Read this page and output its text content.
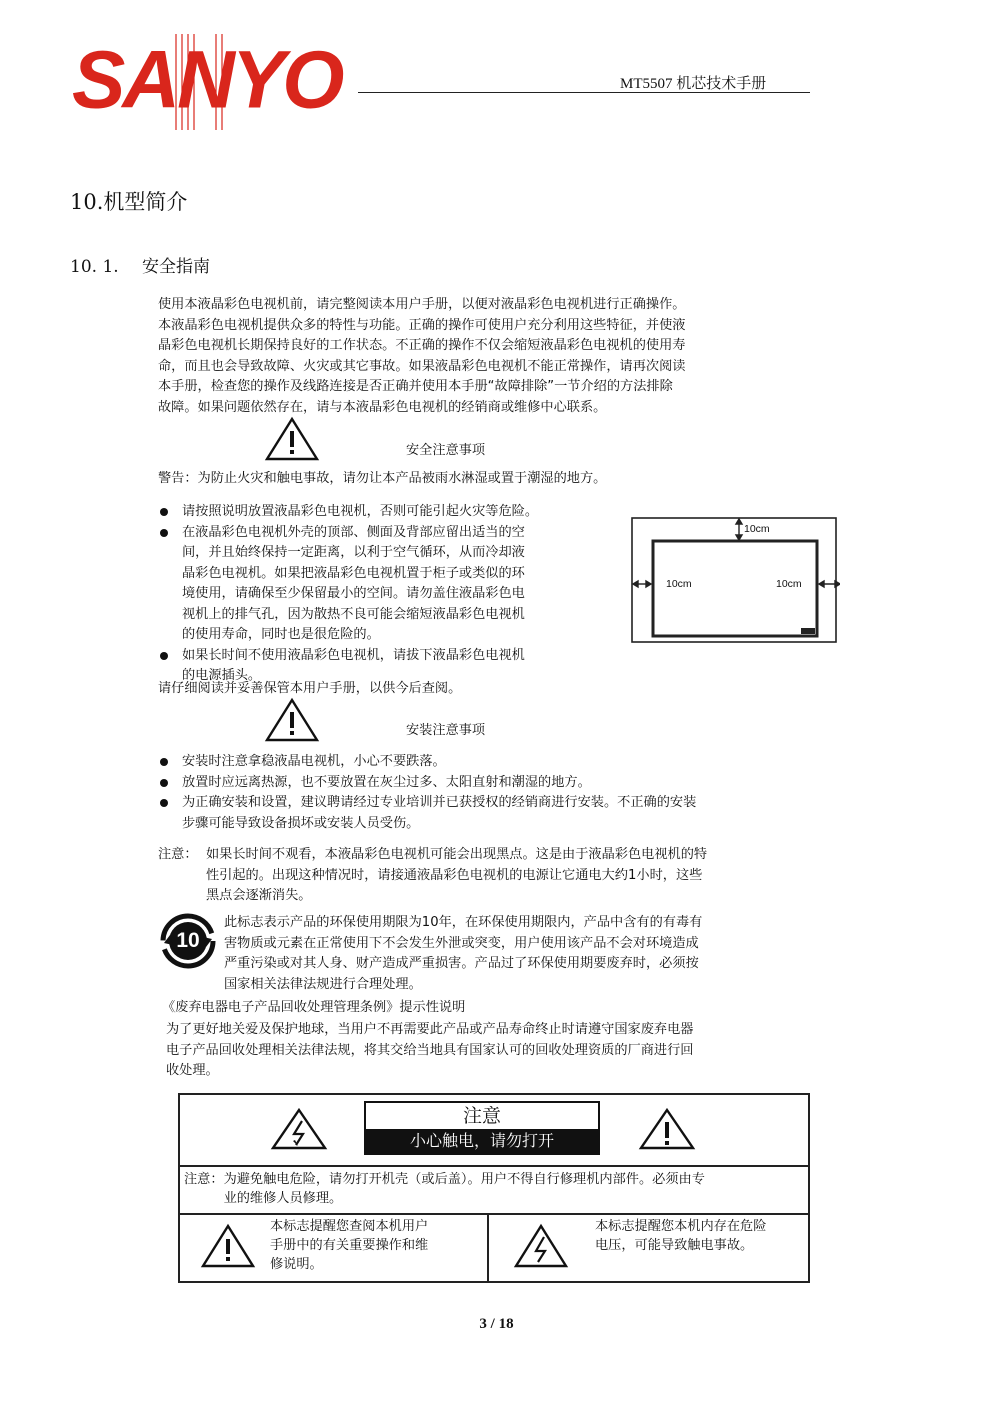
SANYO	MT5507 机芯技术手册
10.机型简介
10. 1. 安全指南
使用本液晶彩色电视机前，请完整阅读本用户手册，以便对液晶彩色电视机进行正确操作。
本液晶彩色电视机提供众多的特性与功能。正确的操作可使用户充分利用这些特征，并使液
晶彩色电视机长期保持良好的工作状态。不正确的操作不仅会缩短液晶彩色电视机的使用寿
命，而且也会导致故障、火灾或其它事故。如果液晶彩色电视机不能正常操作，请再次阅读
本手册，检查您的操作及线路连接是否正确并使用本手册“故障排除”一节介绍的方法排除
故障。如果问题依然存在，请与本液晶彩色电视机的经销商或维修中心联系。
安全注意事项
警告：为防止火灾和触电事故，请勿让本产品被雨水淋湿或置于潮湿的地方。
请按照说明放置液晶彩色电视机，否则可能引起火灾等危险。
在液晶彩色电视机外壳的顶部、侧面及背部应留出适当的空
间，并且始终保持一定距离，以利于空气循环，从而冷却液
晶彩色电视机。如果把液晶彩色电视机置于柜子或类似的环
境使用，请确保至少保留最小的空间。请勿盖住液晶彩色电
视机上的排气孔，因为散热不良可能会缩短液晶彩色电视机
的使用寿命，同时也是很危险的。
如果长时间不使用液晶彩色电视机，请拔下液晶彩色电视机
的电源插头。
请仔细阅读并妥善保管本用户手册，以供今后查阅。
10cm
10cm	10cm
安装注意事项
安装时注意拿稳液晶电视机，小心不要跌落。
放置时应远离热源，也不要放置在灰尘过多、太阳直射和潮湿的地方。
为正确安装和设置，建议聘请经过专业培训并已获授权的经销商进行安装。不正确的安装
步骤可能导致设备损坏或安装人员受伤。
注意： 如果长时间不观看，本液晶彩色电视机可能会出现黑点。这是由于液晶彩色电视机的特
性引起的。出现这种情况时，请接通液晶彩色电视机的电源让它通电大约1小时，这些
黑点会逐渐消失。
10
此标志表示产品的环保使用期限为10年，在环保使用期限内，产品中含有的有毒有
害物质或元素在正常使用下不会发生外泄或突变，用户使用该产品不会对环境造成
严重污染或对其人身、财产造成严重损害。产品过了环保使用期要废弃时，必须按
国家相关法律法规进行合理处理。
《废弃电器电子产品回收处理管理条例》提示性说明
为了更好地关爱及保护地球，当用户不再需要此产品或产品寿命终止时请遵守国家废弃电器
电子产品回收处理相关法律法规，将其交给当地具有国家认可的回收处理资质的厂商进行回
收处理。
注意
小心触电，请勿打开

注意： 为避免触电危险，请勿打开机壳（或后盖）。用户不得自行修理机内部件。必须由专
业的维修人员修理。

本标志提醒您查阅本机用户
手册中的有关重要操作和维
修说明。

本标志提醒您本机内存在危险
电压，可能导致触电事故。
3 / 18
